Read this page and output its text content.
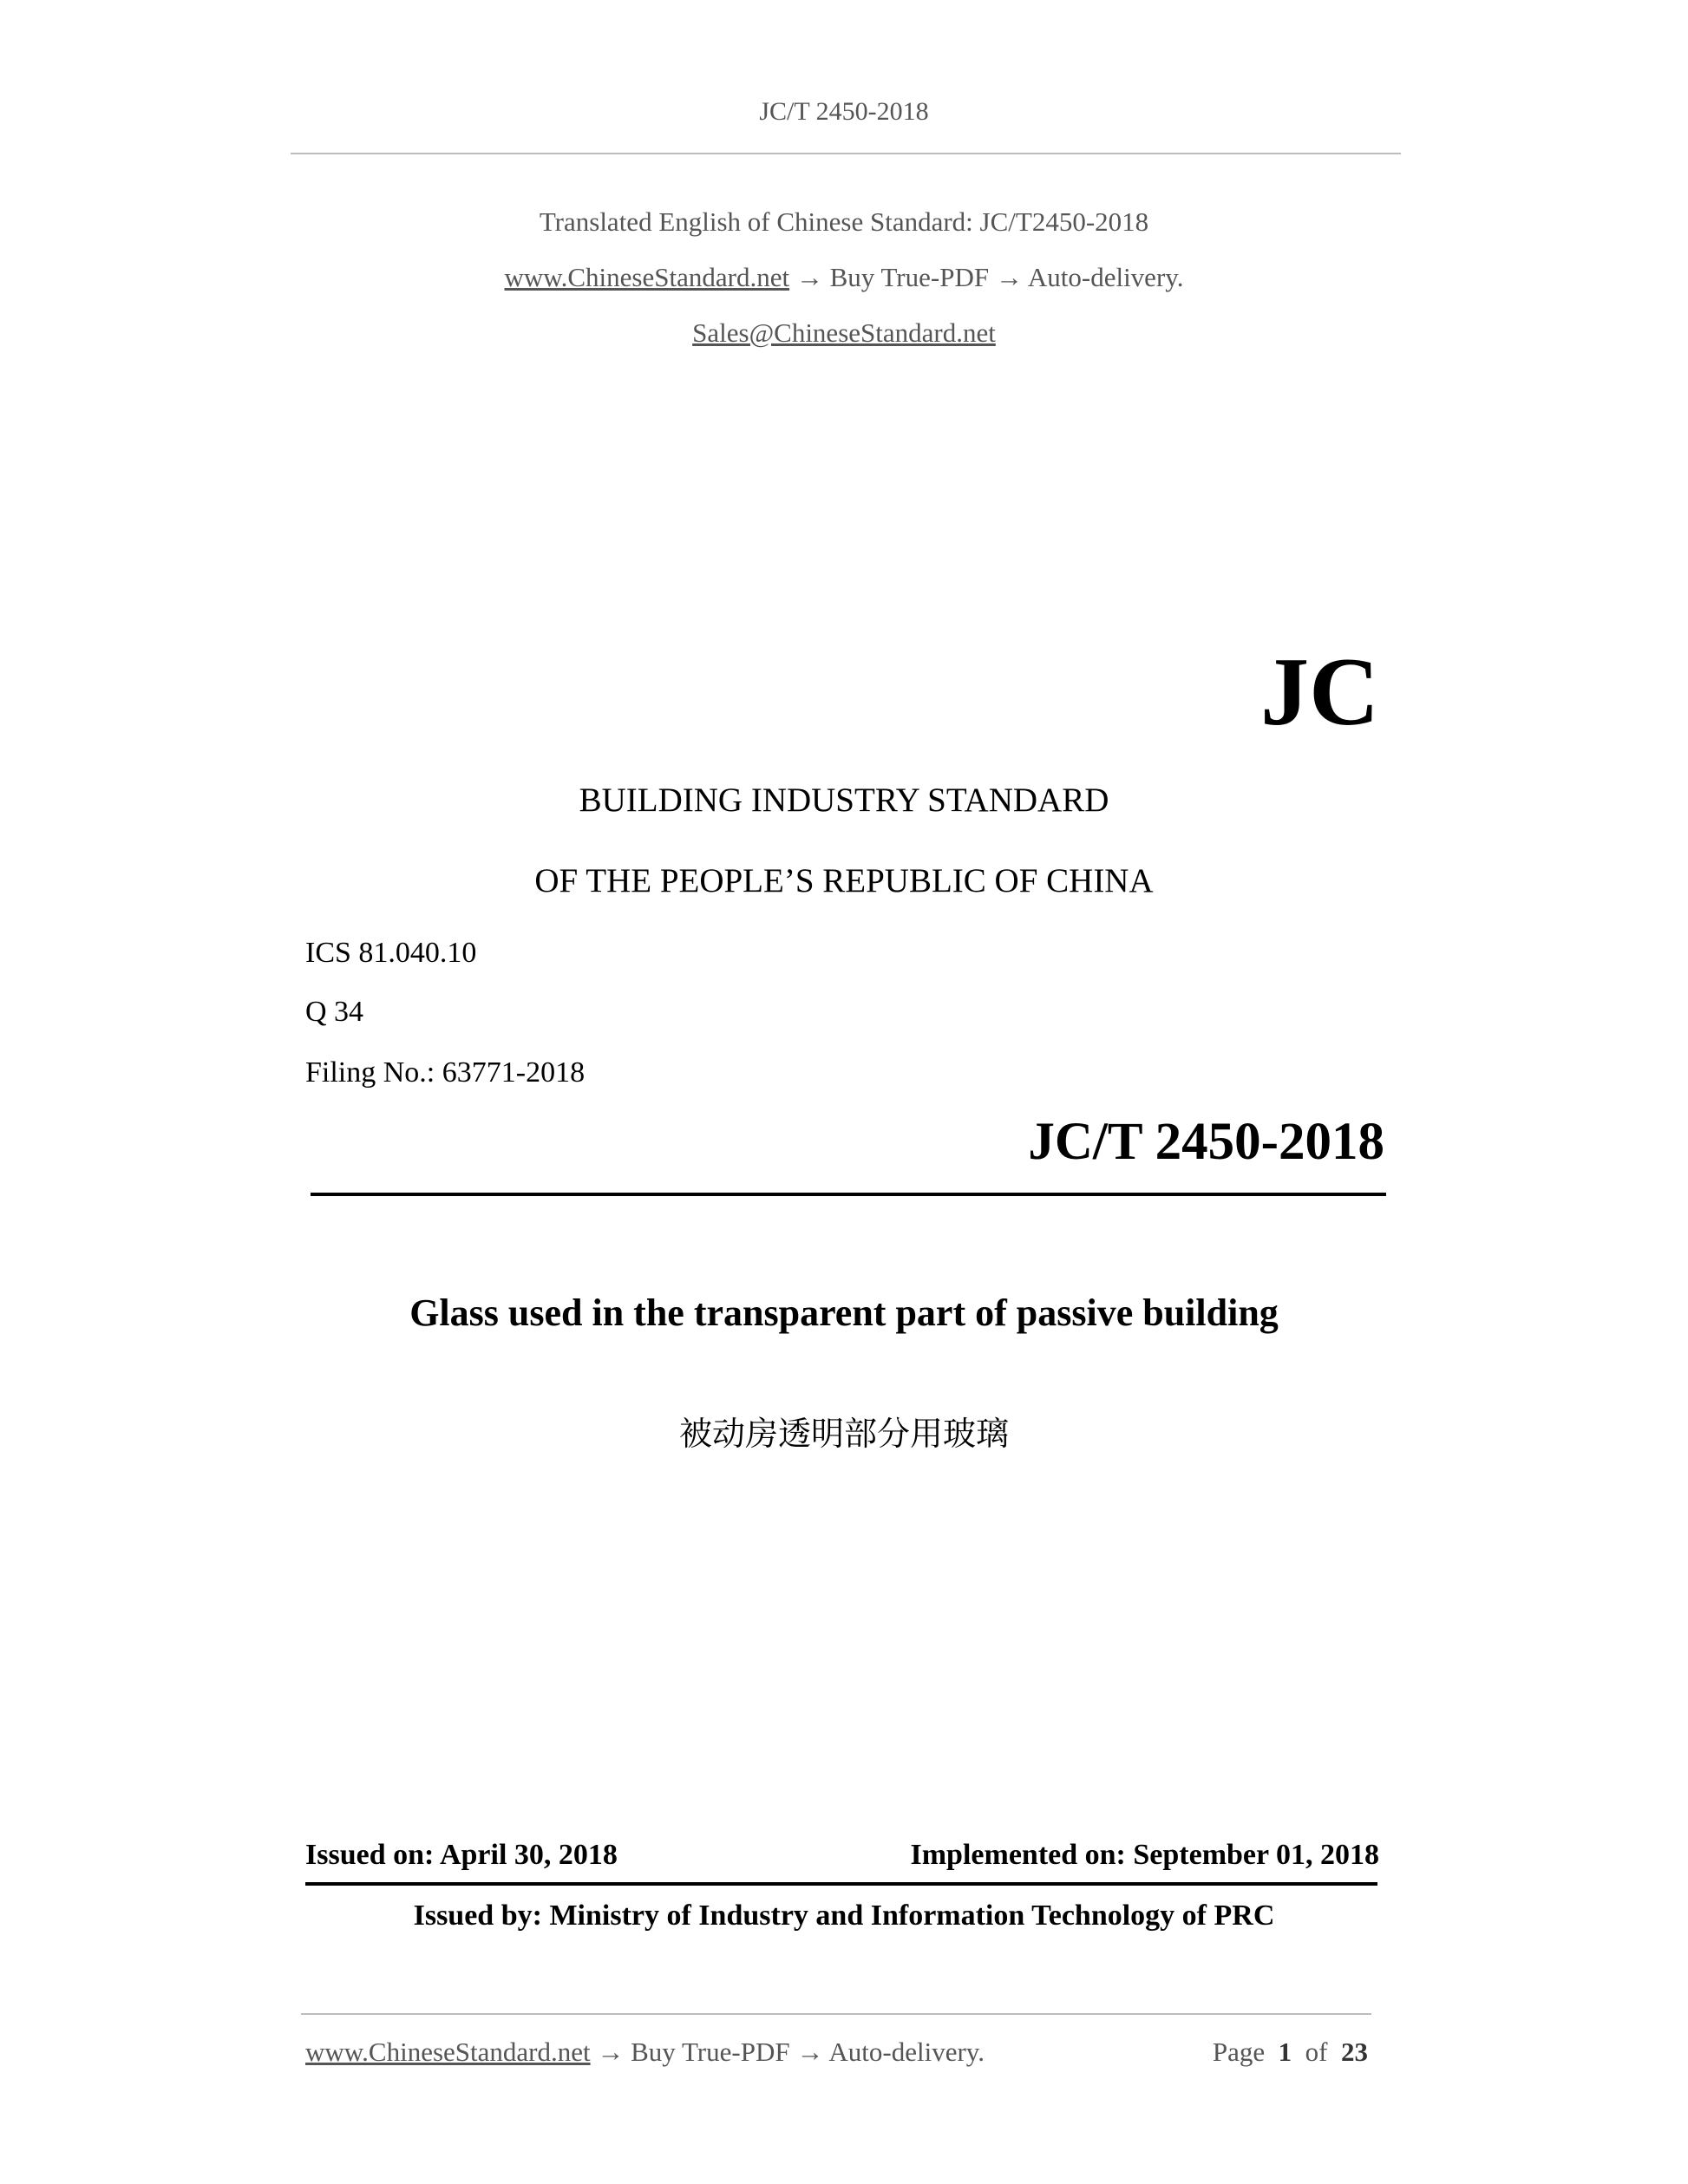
JC/T 2450-2018

Translated English of Chinese Standard: JC/T2450-2018

www.ChineseStandard.net → Buy True-PDF → Auto-delivery.

Sales@ChineseStandard.net

JC

BUILDING INDUSTRY STANDARD

OF THE PEOPLE’S REPUBLIC OF CHINA

ICS 81.040.10

Q 34

Filing No.: 63771-2018

JC/T 2450-2018

Glass used in the transparent part of passive building

被动房透明部分用玻璃

Issued on: April 30, 2018	Implemented on: September 01, 2018

Issued by: Ministry of Industry and Information Technology of PRC

www.ChineseStandard.net → Buy True-PDF → Auto-delivery.	Page 1 of 23
